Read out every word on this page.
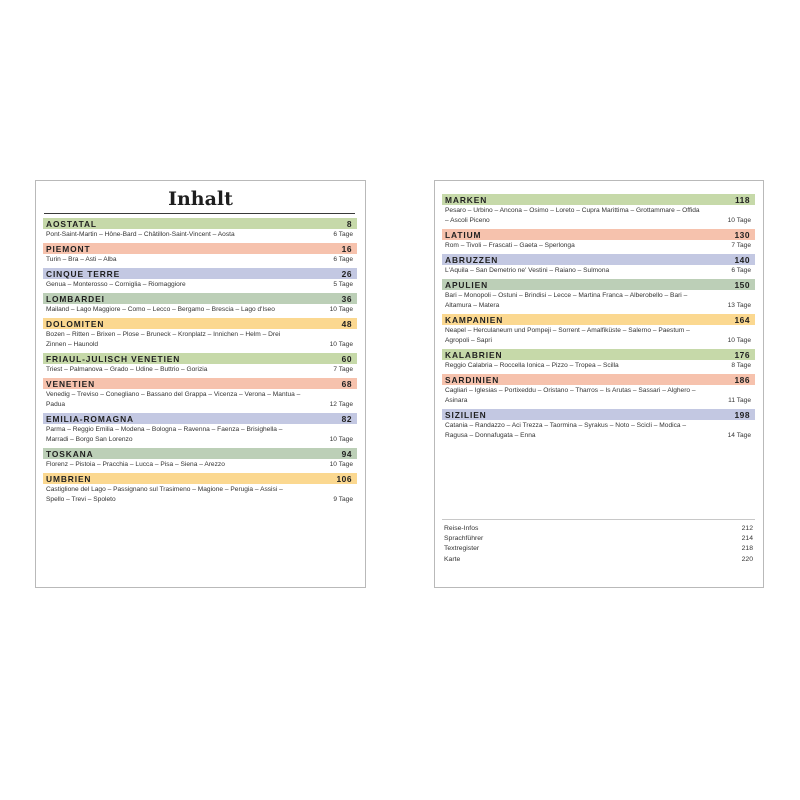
Inhalt
AOSTATAL	8
Pont-Saint-Martin – Hône-Bard – Châtillon-Saint-Vincent – Aosta	6 Tage
PIEMONT	16
Turin – Bra – Asti – Alba	6 Tage
CINQUE TERRE	26
Genua – Monterosso – Corniglia – Riomaggiore	5 Tage
LOMBARDEI	36
Mailand – Lago Maggiore – Como – Lecco – Bergamo – Brescia – Lago d'Iseo	10 Tage
DOLOMITEN	48
Bozen – Ritten – Brixen – Plose – Bruneck – Kronplatz – Innichen – Helm – Drei Zinnen – Haunold	10 Tage
FRIAUL-JULISCH VENETIEN	60
Triest – Palmanova – Grado – Udine – Buttrio – Gorizia	7 Tage
VENETIEN	68
Venedig – Treviso – Conegliano – Bassano del Grappa – Vicenza – Verona – Mantua – Padua	12 Tage
EMILIA-ROMAGNA	82
Parma – Reggio Emilia – Modena – Bologna – Ravenna – Faenza – Brisighella – Marradi – Borgo San Lorenzo	10 Tage
TOSKANA	94
Florenz – Pistoia – Pracchia – Lucca – Pisa – Siena – Arezzo	10 Tage
UMBRIEN	106
Castiglione del Lago – Passignano sul Trasimeno – Magione – Perugia – Assisi – Spello – Trevi – Spoleto	9 Tage
MARKEN	118
Pesaro – Urbino – Ancona – Osimo – Loreto – Cupra Marittima – Grottammare – Offida – Ascoli Piceno	10 Tage
LATIUM	130
Rom – Tivoli – Frascati – Gaeta – Sperlonga	7 Tage
ABRUZZEN	140
L'Aquila – San Demetrio ne' Vestini – Raiano – Sulmona	6 Tage
APULIEN	150
Bari – Monopoli – Ostuni – Brindisi – Lecce – Martina Franca – Alberobello – Bari – Altamura – Matera	13 Tage
KAMPANIEN	164
Neapel – Herculaneum und Pompeji – Sorrent – Amalfiküste – Salerno – Paestum – Agropoli – Sapri	10 Tage
KALABRIEN	176
Reggio Calabria – Roccella Ionica – Pizzo – Tropea – Scilla	8 Tage
SARDINIEN	186
Cagliari – Iglesias – Portixeddu – Oristano – Tharros – Is Arutas – Sassari – Alghero – Asinara	11 Tage
SIZILIEN	198
Catania – Randazzo – Aci Trezza – Taormina – Syrakus – Noto – Scicli – Modica – Ragusa – Donnafugata – Enna	14 Tage
Reise-Infos	212
Sprachführer	214
Textregister	218
Karte	220
